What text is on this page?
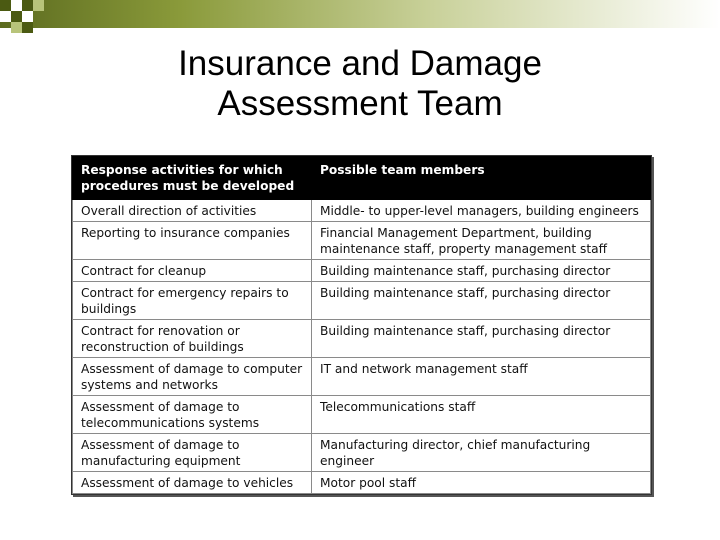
Insurance and Damage
Assessment Team
Response activities for which procedures must be developed	Possible team members
Overall direction of activities	Middle- to upper-level managers, building engineers
Reporting to insurance companies	Financial Management Department, building maintenance staff, property management staff
Contract for cleanup	Building maintenance staff, purchasing director
Contract for emergency repairs to buildings	Building maintenance staff, purchasing director
Contract for renovation or reconstruction of buildings	Building maintenance staff, purchasing director
Assessment of damage to computer systems and networks	IT and network management staff
Assessment of damage to telecommunications systems	Telecommunications staff
Assessment of damage to manufacturing equipment	Manufacturing director, chief manufacturing engineer
Assessment of damage to vehicles	Motor pool staff
